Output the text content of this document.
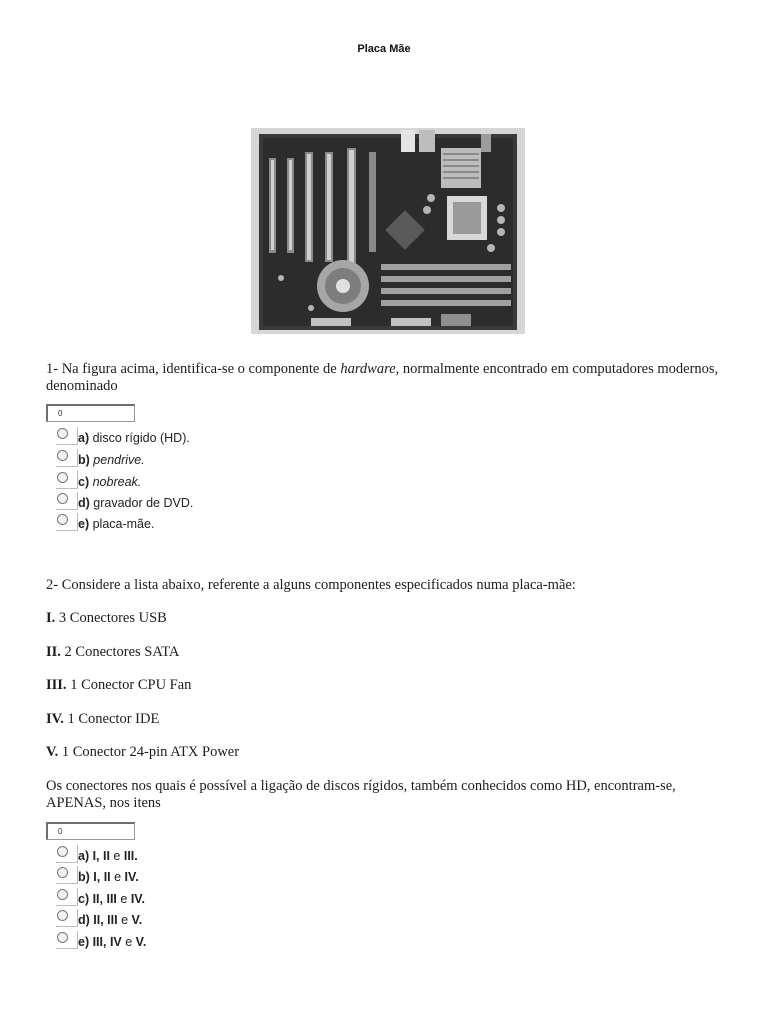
Placa Mãe
1- Na figura acima, identifica-se o componente de hardware, normalmente encontrado em computadores modernos, denominado
0
a) disco rígido (HD).
b) pendrive.
c) nobreak.
d) gravador de DVD.
e) placa-mãe.
2- Considere a lista abaixo, referente a alguns componentes especificados numa placa-mãe:
I. 3 Conectores USB
II. 2 Conectores SATA
III. 1 Conector CPU Fan
IV. 1 Conector IDE
V. 1 Conector 24-pin ATX Power
Os conectores nos quais é possível a ligação de discos rígidos, também conhecidos como HD, encontram-se, APENAS, nos itens
0
a) I, II e III.
b) I, II e IV.
c) II, III e IV.
d) II, III e V.
e) III, IV e V.
